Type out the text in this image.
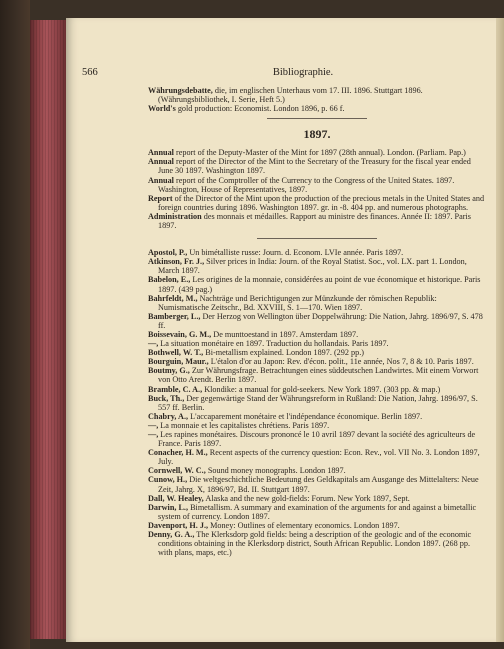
566	Bibliographie.
Währungsdebatte, die, im englischen Unterhaus vom 17. III. 1896. Stuttgart 1896. (Währungsbibliothek, I. Serie, Heft 5.)
World's gold production: Economist. London 1896, p. 66 f.
1897.
Annual report of the Deputy-Master of the Mint for 1897 (28th annual). London. (Parliam. Pap.)
Annual report of the Director of the Mint to the Secretary of the Treasury for the fiscal year ended June 30 1897. Washington 1897.
Annual report of the Comptroller of the Currency to the Congress of the United States. 1897. Washington, House of Representatives, 1897.
Report of the Director of the Mint upon the production of the precious metals in the United States and foreign countries during 1896. Washington 1897. gr. in -8. 404 pp. and numerous photographs.
Administration des monnais et médailles. Rapport au ministre des finances. Année II: 1897. Paris 1897.
Apostol, P., Un bimétalliste russe: Journ. d. Econom. LVIe année. Paris 1897.
Atkinson, Fr. J., Silver prices in India: Journ. of the Royal Statist. Soc., vol. LX. part 1. London, March 1897.
Babelon, E., Les origines de la monnaie, considérées au point de vue économique et historique. Paris 1897. (439 pag.)
Bahrfeldt, M., Nachträge und Berichtigungen zur Münzkunde der römischen Republik: Numismatische Zeitschr., Bd. XXVIII, S. 1—170. Wien 1897.
Bamberger, L., Der Herzog von Wellington über Doppelwährung: Die Nation, Jahrg. 1896/97, S. 478 ff.
Boissevain, G. M., De munttoestand in 1897. Amsterdam 1897.
—, La situation monétaire en 1897. Traduction du hollandais. Paris 1897.
Bothwell, W. T., Bi-metallism explained. London 1897. (292 pp.)
Bourguin, Maur., L'étalon d'or au Japon: Rev. d'écon. polit., 11e année, Nos 7, 8 & 10. Paris 1897.
Boutmy, G., Zur Währungsfrage. Betrachtungen eines süddeutschen Landwirtes. Mit einem Vorwort von Otto Arendt. Berlin 1897.
Bramble, C. A., Klondike: a manual for gold-seekers. New York 1897. (303 pp. & map.)
Buck, Th., Der gegenwärtige Stand der Währungsreform in Rußland: Die Nation, Jahrg. 1896/97, S. 557 ff. Berlin.
Chabry, A., L'accaparement monétaire et l'indépendance économique. Berlin 1897.
—, La monnaie et les capitalistes chrétiens. Paris 1897.
—, Les rapines monétaires. Discours prononcé le 10 avril 1897 devant la société des agriculteurs de France. Paris 1897.
Conacher, H. M., Recent aspects of the currency question: Econ. Rev., vol. VII No. 3. London 1897, July.
Cornwell, W. C., Sound money monographs. London 1897.
Cunow, H., Die weltgeschichtliche Bedeutung des Geldkapitals am Ausgange des Mittelalters: Neue Zeit, Jahrg. X, 1896/97, Bd. II. Stuttgart 1897.
Dall, W. Healey, Alaska and the new gold-fields: Forum. New York 1897, Sept.
Darwin, L., Bimetallism. A summary and examination of the arguments for and against a bimetallic system of currency. London 1897.
Davenport, H. J., Money: Outlines of elementary economics. London 1897.
Denny, G. A., The Klerksdorp gold fields: being a description of the geologic and of the economic conditions obtaining in the Klerksdorp district, South African Republic. London 1897. (268 pp. with plans, maps, etc.)
